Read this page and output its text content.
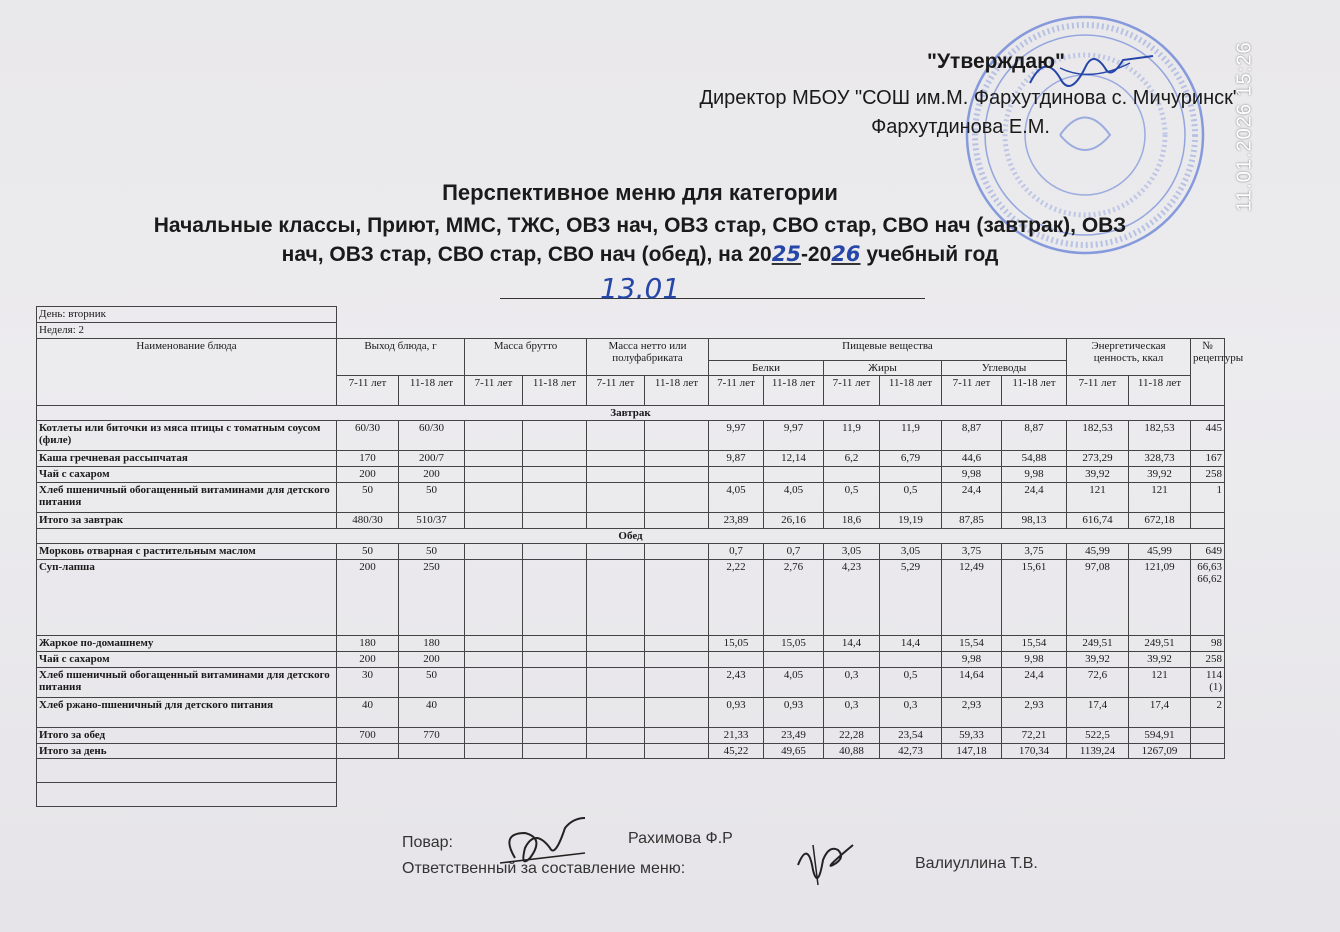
"Утверждаю"
Директор МБОУ "СОШ им.М. Фархутдинова с. Мичуринск"
Фархутдинова Е.М.	11.01.2026 15:26
Перспективное меню для категории
Начальные классы, Приют, ММС, ТЖС, ОВЗ нач, ОВЗ стар, СВО стар, СВО нач (завтрак), ОВЗ
нач, ОВЗ стар, СВО стар, СВО нач (обед), на 2025-2026 учебный год
13.01
День: вторник															
Неделя: 2															
Наименование блюда	Выход блюда, г		Масса брутто		Масса нетто или полуфабриката		Пищевые вещества						Энергетическая ценность, ккал		№ рецептуры
							Белки		Жиры		Углеводы				
	7-11 лет	11-18 лет	7-11 лет	11-18 лет	7-11 лет	11-18 лет	7-11 лет	11-18 лет	7-11 лет	11-18 лет	7-11 лет	11-18 лет	7-11 лет	11-18 лет	
Завтрак															
Котлеты или биточки из мяса птицы с томатным соусом (филе)	60/30	60/30					9,97	9,97	11,9	11,9	8,87	8,87	182,53	182,53	445
Каша гречневая рассыпчатая	170	200/7					9,87	12,14	6,2	6,79	44,6	54,88	273,29	328,73	167
Чай с сахаром	200	200									9,98	9,98	39,92	39,92	258
Хлеб пшеничный обогащенный витаминами для детского питания	50	50					4,05	4,05	0,5	0,5	24,4	24,4	121	121	1
Итого за завтрак	480/30	510/37					23,89	26,16	18,6	19,19	87,85	98,13	616,74	672,18	
Обед															
Морковь отварная с растительным маслом	50	50					0,7	0,7	3,05	3,05	3,75	3,75	45,99	45,99	649
Суп-лапша	200	250					2,22	2,76	4,23	5,29	12,49	15,61	97,08	121,09	66,63 66,62
Жаркое по-домашнему	180	180					15,05	15,05	14,4	14,4	15,54	15,54	249,51	249,51	98
Чай с сахаром	200	200									9,98	9,98	39,92	39,92	258
Хлеб пшеничный обогащенный витаминами для детского питания	30	50					2,43	4,05	0,3	0,5	14,64	24,4	72,6	121	114 (1)
Хлеб ржано-пшеничный для детского питания	40	40					0,93	0,93	0,3	0,3	2,93	2,93	17,4	17,4	2
Итого за обед	700	770					21,33	23,49	22,28	23,54	59,33	72,21	522,5	594,91	
Итого за день							45,22	49,65	40,88	42,73	147,18	170,34	1139,24	1267,09	

Повар:	Рахимова Ф.Р
Ответственный за составление меню:	Валиуллина Т.В.
